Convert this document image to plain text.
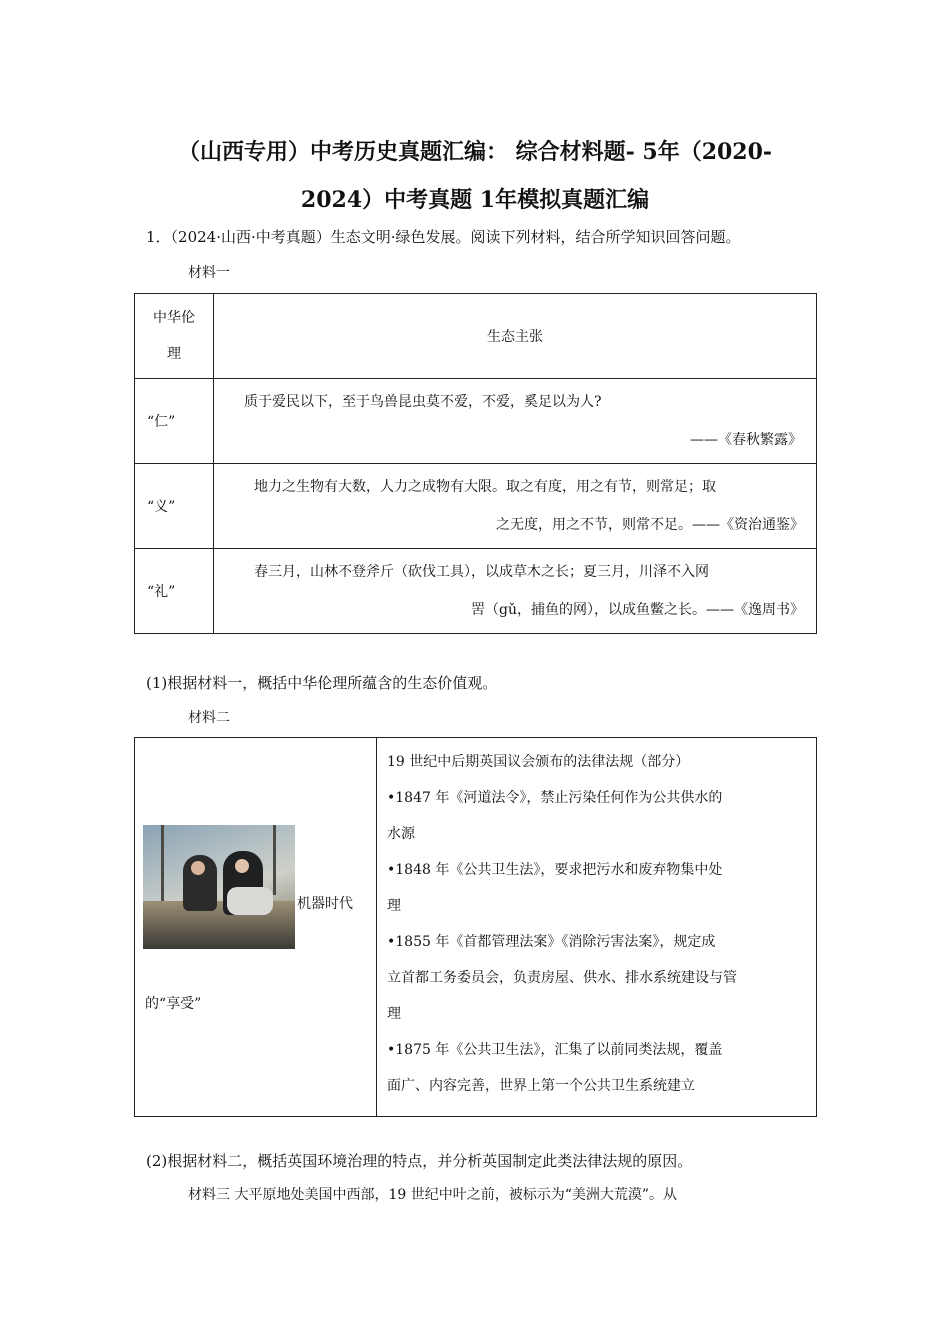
（山西专用）中考历史真题汇编： 综合材料题- 5年（2020-
2024）中考真题 1年模拟真题汇编
1．（2024·山西·中考真题）生态文明·绿色发展。阅读下列材料，结合所学知识回答问题。
材料一
中华伦
理	生态主张
“仁”	质于爱民以下，至于鸟兽昆虫莫不爱，不爱，奚足以为人?
——《春秋繁露》

“义”	地力之生物有大数，人力之成物有大限。取之有度，用之有节，则常足；取
之无度，用之不节，则常不足。——《资治通鉴》

“礼”	春三月，山林不登斧斤（砍伐工具），以成草木之长；夏三月，川泽不入网
罟（gǔ，捕鱼的网），以成鱼鳖之长。——《逸周书》
(1)根据材料一，概括中华伦理所蕴含的生态价值观。
材料二
机器时代
的“享受”

19 世纪中后期英国议会颁布的法律法规（部分）
•1847 年《河道法令》，禁止污染任何作为公共供水的
水源
•1848 年《公共卫生法》，要求把污水和废弃物集中处
理
•1855 年《首都管理法案》《消除污害法案》，规定成
立首都工务委员会，负责房屋、供水、排水系统建设与管
理
•1875 年《公共卫生法》，汇集了以前同类法规，覆盖
面广、内容完善，世界上第一个公共卫生系统建立
(2)根据材料二，概括英国环境治理的特点，并分析英国制定此类法律法规的原因。
材料三 大平原地处美国中西部，19 世纪中叶之前，被标示为“美洲大荒漠”。从
